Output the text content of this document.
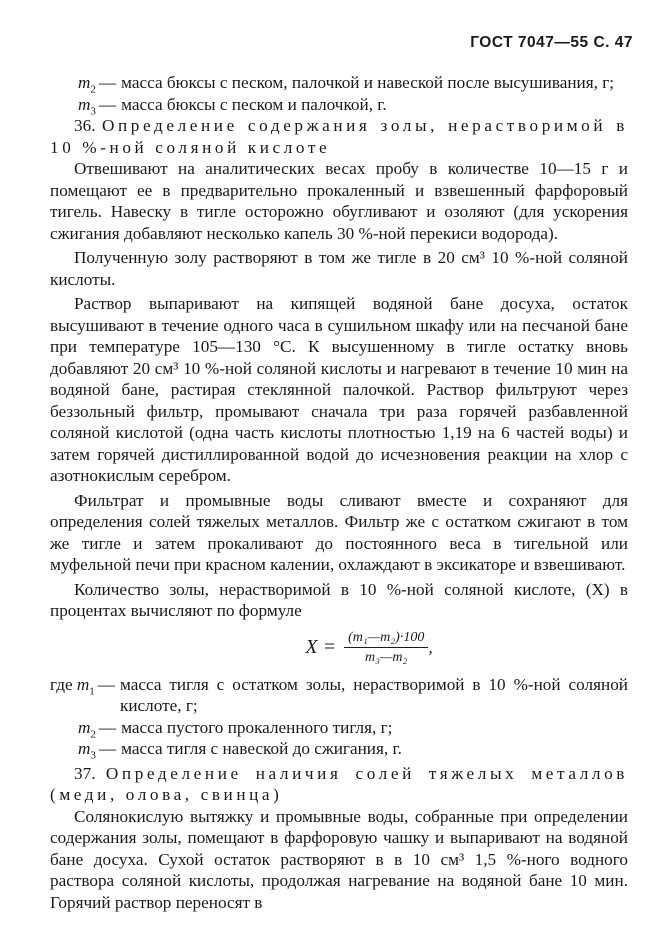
ГОСТ 7047—55 С. 47
$m_2$ — масса бюксы с песком, палочкой и навеской после высушивания, г;
$m_3$ — масса бюксы с песком и палочкой, г.

36. Определение содержания золы, нерастворимой в 10 %-ной соляной кислоте

Отвешивают на аналитических весах пробу в количестве 10—15 г и помещают ее в предварительно прокаленный и взвешенный фарфоровый тигель. Навеску в тигле осторожно обугливают и озоляют (для ускорения сжигания добавляют несколько капель 30 %-ной перекиси водорода).

Полученную золу растворяют в том же тигле в 20 см³ 10 %-ной соляной кислоты.

Раствор выпаривают на кипящей водяной бане досуха, остаток высушивают в течение одного часа в сушильном шкафу или на песчаной бане при температуре 105—130 °С. К высушенному в тигле остатку вновь добавляют 20 см³ 10 %-ной соляной кислоты и нагревают в течение 10 мин на водяной бане, растирая стеклянной палочкой. Раствор фильтруют через беззольный фильтр, промывают сначала три раза горячей разбавленной соляной кислотой (одна часть кислоты плотностью 1,19 на 6 частей воды) и затем горячей дистиллированной водой до исчезновения реакции на хлор с азотнокислым серебром.

Фильтрат и промывные воды сливают вместе и сохраняют для определения солей тяжелых металлов. Фильтр же с остатком сжигают в том же тигле и затем прокаливают до постоянного веса в тигельной или муфельной печи при красном калении, охлаждают в эксикаторе и взвешивают.

Количество золы, нерастворимой в 10 %-ной соляной кислоте, (X) в процентах вычисляют по формуле

$X = \frac{\text{(m₁—m₂)·100}}{\text{m₃—m₂}}$ ,
где $m_1$ — масса тигля с остатком золы, нерастворимой в 10 %-ной соляной кислоте, г;
$m_2$ — масса пустого прокаленного тигля, г;
$m_3$ — масса тигля с навеской до сжигания, г.

37. Определение наличия солей тяжелых металлов (меди, олова, свинца)

Солянокислую вытяжку и промывные воды, собранные при определении содержания золы, помещают в фарфоровую чашку и выпаривают на водяной бане досуха. Сухой остаток растворяют в в 10 см³ 1,5 %-ного водного раствора соляной кислоты, продолжая нагревание на водяной бане 10 мин. Горячий раствор переносят в
